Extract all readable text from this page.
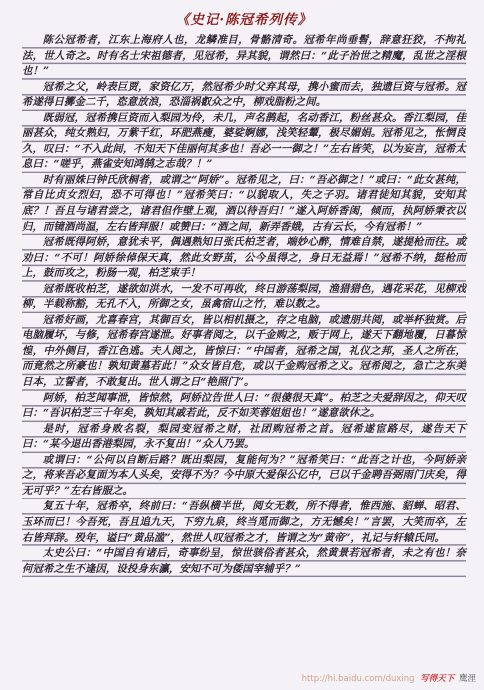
《史记·陈冠希列传》

陈公冠希者，江东上海府人也，龙鳞准目，骨骼清奇。冠希年尚垂髫，辞意狂狡，不拘礼法，世人奇之。时有名士宋祖德者，见冠希，异其貌，谓然曰：“此子治世之精魔，乱世之淫根也！”

冠希之父，岭表巨贾，家资亿万，然冠希少时父弃其母，携小蜜而去，独遗巨资与冠希。冠希遂得日擲金二千，恣意放浪，恐淄祸叡众之中，柳戏脂粉之间。

既弱冠，冠希携巨资而入梨园为伶，未几，声名鹊起，名动香江，粉丝甚众。香江梨园，佳丽甚众，纯女熟妇，万紫千红，环肥燕瘦，婆娑婀娜，浅笑轻颦，极尽媚娟。冠希见之，怅惘良久，叹曰：“不入此间，不知天下佳丽何其多也！吾必一一御之！”左右皆笑，以为妄言，冠希太息曰：“嗟乎，燕雀安知鸿鹄之志哉？！”

时有丽姝曰钟氏欣桐者，或谓之“阿娇”。冠希见之，曰：“吾必御之！”或曰：“此女甚纯，常自比贞女烈妇，恐不可得也！”冠希笑曰：“以貌取人，失之子羽。诸君徒知其貌，安知其底？！吾且与诸君尝之，诸君但作壁上观，酒以待吾归！”遂入阿娇香闺，倾而，执阿娇秉衣以归，而镜酒尚温，左右皆拜服！或赞曰：“酒之间，新弄香娥，古有云长，今有冠希！”

冠希既得阿娇，意犹未平，偶遇熟知日张氏柏芝者，端妙心醉，情难自禁，遂提枪而往。或劝曰：“不可！阿娇徐倬保天真，然此女野茧，公今虽得之，身日无益焉！”冠希不纳，挺枪而上，鼓而攻之，粉肠一观，柏芝束手！

冠希既收柏芝，遂欲如洪水，一发不可再收，终日游荡梨园，渔猎猎色，遇花采花，见柳戏柳，半载称豁，无孔不入，所御之女，虽禽宿山之竹，难以数之。

冠希好画，尤喜春宫，其御百女，皆以相机摄之，存之电脑，或遗朋共阅，或举杯独赏。后电脑履坏，与修，冠希春宫遂泄。好事者阅之，以千金购之，贩于网上，遂天下翻地覆，日暮惊惶，中外侧目，香江色逃。夫人阅之，皆惊曰：“中国者，冠希之国，礼仪之邦，圣人之所在，而竟然之所豪也！孰知黄墓若此！”众女皆自危，或以千金购冠希之义。冠希阅之，急亡之东美日本，立誓者，不敢复出。世人谓之日“艳照门”。

阿娇，柏芝闻事泄，皆惊然，阿娇泣告世人曰：“很傻很天真”。柏芝之夫爱辞因之，仰天叹曰：“吾识柏芝三十年矣，孰知其戚若此，反不如芙蓉姐姐也！”遂意欲休之。

是时，冠希身败名裂，梨园变冠希之财，社团购冠希之首。冠希遂宦路尽，遂告天下曰：“某今退出香港梨园，永不复出！”众人乃罢。

或谓曰：“公何以自断后路？既出梨园，复能何为？”冠希笑曰：“此吾之计也，今阿娇亲之，将来吾必复面为本人头矣，安得不为？今中原大爱保公亿中，已以千金聘吾弼雨门庆矣，得无可乎？”左右皆服之。

复五十年，冠希卒，终前曰：“吾纵横半世，阅女无数，所不得者，惟西施、貂蝉、昭君、玉环而已！今吾死，吾且追九天，下穷九泉，终当觅而御之，方无憾矣！”言罢，大笑而卒，左右皆拜辞。殁年，谥曰“黄品滥”，然世人叹冠希之才，皆谓之为“黄帝”，礼记与轩辕氏同。

太史公曰：“中国自有诸后，奇事纷呈，惊世骇俗者甚众，然黄景若冠希者，未之有也！奈何冠希之生不逢因，设投身东瀛，安知不可为倭国宰辅乎？”

http://hi.baidu.com/duxing 写得天下 鹰浬
